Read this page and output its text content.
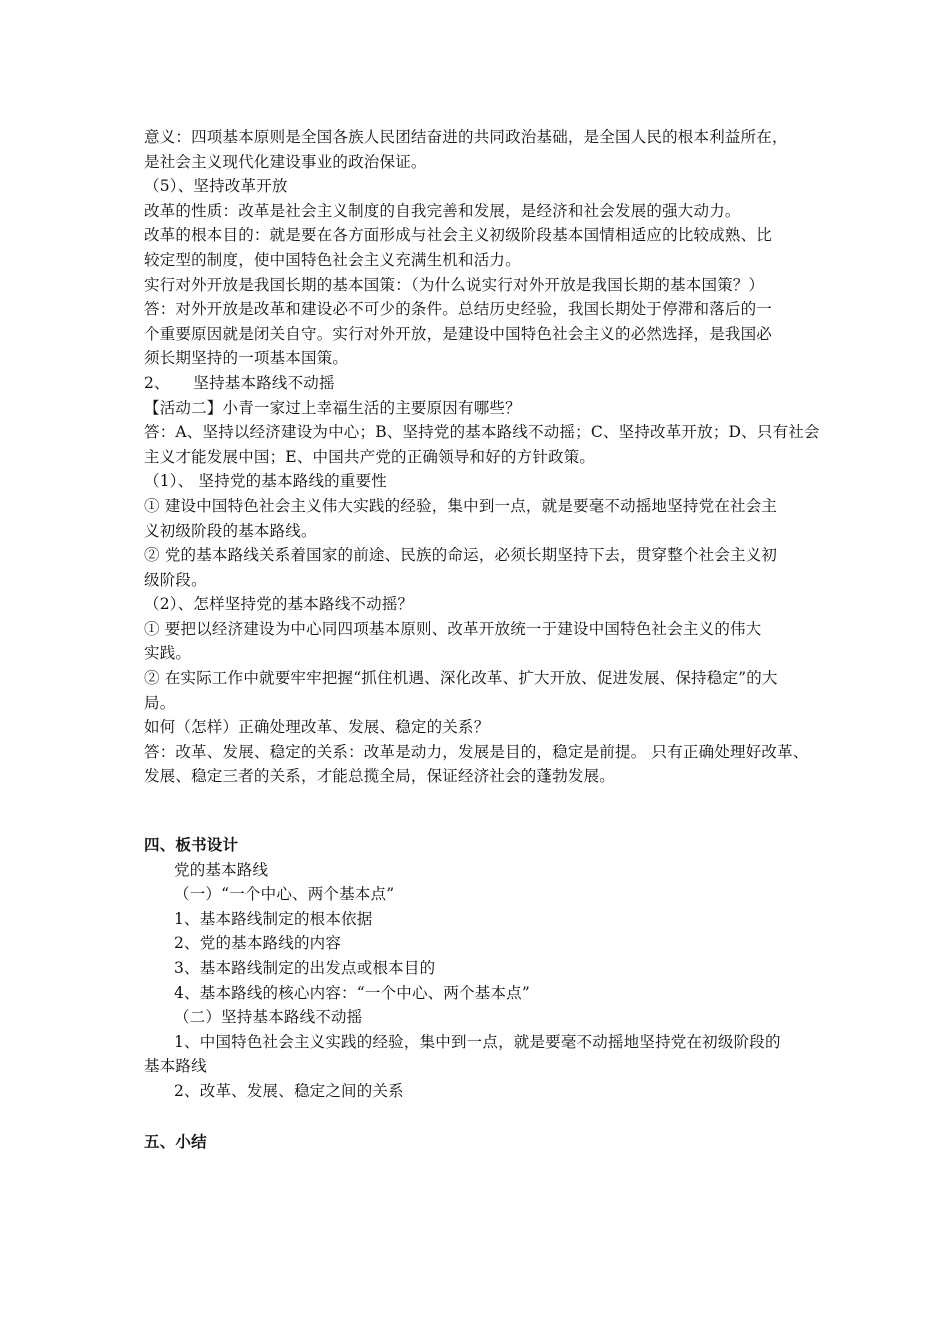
意义：四项基本原则是全国各族人民团结奋进的共同政治基础，是全国人民的根本利益所在，
是社会主义现代化建设事业的政治保证。
（5）、坚持改革开放
改革的性质：改革是社会主义制度的自我完善和发展，是经济和社会发展的强大动力。
改革的根本目的：就是要在各方面形成与社会主义初级阶段基本国情相适应的比较成熟、比
较定型的制度，使中国特色社会主义充满生机和活力。
实行对外开放是我国长期的基本国策：（为什么说实行对外开放是我国长期的基本国策？）
答：对外开放是改革和建设必不可少的条件。总结历史经验，我国长期处于停滞和落后的一
个重要原因就是闭关自守。实行对外开放，是建设中国特色社会主义的必然选择，是我国必
须长期坚持的一项基本国策。
2、　　坚持基本路线不动摇
【活动二】小青一家过上幸福生活的主要原因有哪些？
答：A、坚持以经济建设为中心；B、坚持党的基本路线不动摇；C、坚持改革开放；D、只有社会
主义才能发展中国；E、中国共产党的正确领导和好的方针政策。
（1）、 坚持党的基本路线的重要性
① 建设中国特色社会主义伟大实践的经验，集中到一点，就是要毫不动摇地坚持党在社会主
义初级阶段的基本路线。
② 党的基本路线关系着国家的前途、民族的命运，必须长期坚持下去，贯穿整个社会主义初
级阶段。
（2）、怎样坚持党的基本路线不动摇？
① 要把以经济建设为中心同四项基本原则、改革开放统一于建设中国特色社会主义的伟大
实践。
② 在实际工作中就要牢牢把握“抓住机遇、深化改革、扩大开放、促进发展、保持稳定”的大
局。
如何（怎样）正确处理改革、发展、稳定的关系？
答：改革、发展、稳定的关系：改革是动力，发展是目的，稳定是前提。 只有正确处理好改革、
发展、稳定三者的关系，才能总揽全局，保证经济社会的蓬勃发展。
四、板书设计
党的基本路线
（一）“一个中心、两个基本点”
1、基本路线制定的根本依据
2、党的基本路线的内容
3、基本路线制定的出发点或根本目的
4、基本路线的核心内容：“一个中心、两个基本点”
（二）坚持基本路线不动摇
1、中国特色社会主义实践的经验，集中到一点，就是要毫不动摇地坚持党在初级阶段的
基本路线
2、改革、发展、稳定之间的关系
五、小结
